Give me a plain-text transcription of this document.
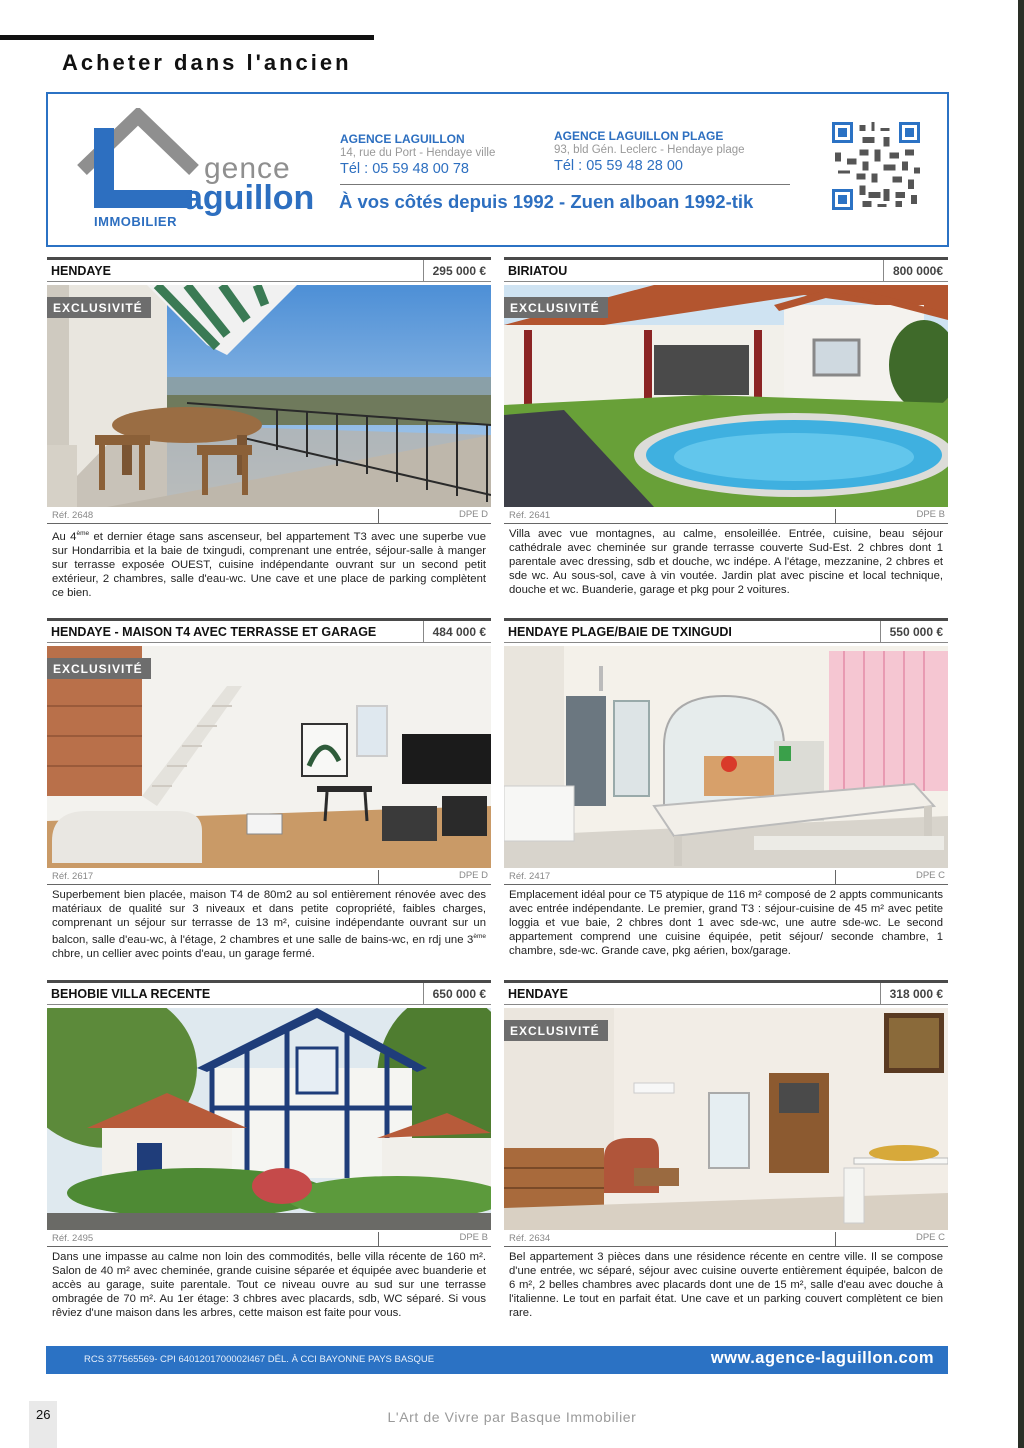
Acheter dans l'ancien
gence
aguillon
IMMOBILIER
AGENCE LAGUILLON
14, rue du Port - Hendaye ville
Tél : 05 59 48 00 78
AGENCE LAGUILLON PLAGE
93, bld Gén. Leclerc - Hendaye plage
Tél : 05 59 48 28 00
À vos côtés depuis 1992 - Zuen alboan 1992-tik
HENDAYE	295 000 €
EXCLUSIVITÉ
Réf. 2648	DPE D

Au 4ème et dernier étage sans ascenseur, bel appartement T3 avec une superbe vue sur Hondarribia et la baie de txingudi, comprenant une entrée, séjour-salle à manger sur terrasse exposée OUEST, cuisine indépendante ouvrant sur un second petit extérieur, 2 chambres, salle d'eau-wc. Une cave et une place de parking complètent ce bien.

BIRIATOU	800 000€
EXCLUSIVITÉ
Réf. 2641	DPE B

Villa avec vue montagnes, au calme, ensoleillée. Entrée, cuisine, beau séjour cathédrale avec cheminée sur grande terrasse couverte Sud-Est. 2 chbres dont 1 parentale avec dressing, sdb et douche, wc indépe. A l'étage, mezzanine, 2 chbres et sde wc. Au sous-sol, cave à vin voutée. Jardin plat avec piscine et local technique, douche et wc. Buanderie, garage et pkg pour 2 voitures.

HENDAYE - MAISON T4 AVEC TERRASSE ET GARAGE	484 000 €
EXCLUSIVITÉ
Réf. 2617	DPE D

Superbement bien placée, maison T4 de 80m2 au sol entièrement rénovée avec des matériaux de qualité sur 3 niveaux et dans petite copropriété, faibles charges, comprenant un séjour sur terrasse de 13 m², cuisine indépendante ouvrant sur un balcon, salle d'eau-wc, à l'étage, 2 chambres et une salle de bains-wc, en rdj une 3ème chbre, un cellier avec points d'eau, un garage fermé.

HENDAYE PLAGE/BAIE DE TXINGUDI	550 000 €
Réf. 2417	DPE C

Emplacement idéal pour ce T5 atypique de 116 m² composé de 2 appts communicants avec entrée indépendante. Le premier, grand T3 : séjour-cuisine de 45 m² avec petite loggia et vue baie, 2 chbres dont 1 avec sde-wc, une autre sde-wc. Le second appartement comprend une cuisine équipée, petit séjour/ seconde chambre, 1 chambre, sde-wc. Grande cave, pkg aérien, box/garage.

BEHOBIE VILLA RECENTE	650 000 €
Réf. 2495	DPE B

Dans une impasse au calme non loin des commodités, belle villa récente de 160 m². Salon de 40 m² avec cheminée, grande cuisine séparée et équipée avec buanderie et accès au garage, suite parentale. Tout ce niveau ouvre au sud sur une terrasse ombragée de 70 m². Au 1er étage: 3 chbres avec placards, sdb, WC séparé. Si vous rêviez d'une maison dans les arbres, cette maison est faite pour vous.

HENDAYE	318 000 €
EXCLUSIVITÉ
Réf. 2634	DPE C

Bel appartement 3 pièces dans une résidence récente en centre ville. Il se compose d'une entrée, wc séparé, séjour avec cuisine ouverte entièrement équipée, balcon de 6 m², 2 belles chambres avec placards dont une de 15 m², salle d'eau avec douche à l'italienne. Le tout en parfait état. Une cave et un parking couvert complètent ce bien rare.

RCS 377565569- CPI 6401201700002l467 DÉL. À CCI BAYONNE PAYS BASQUE	www.agence-laguillon.com
26	L'Art de Vivre par Basque Immobilier
